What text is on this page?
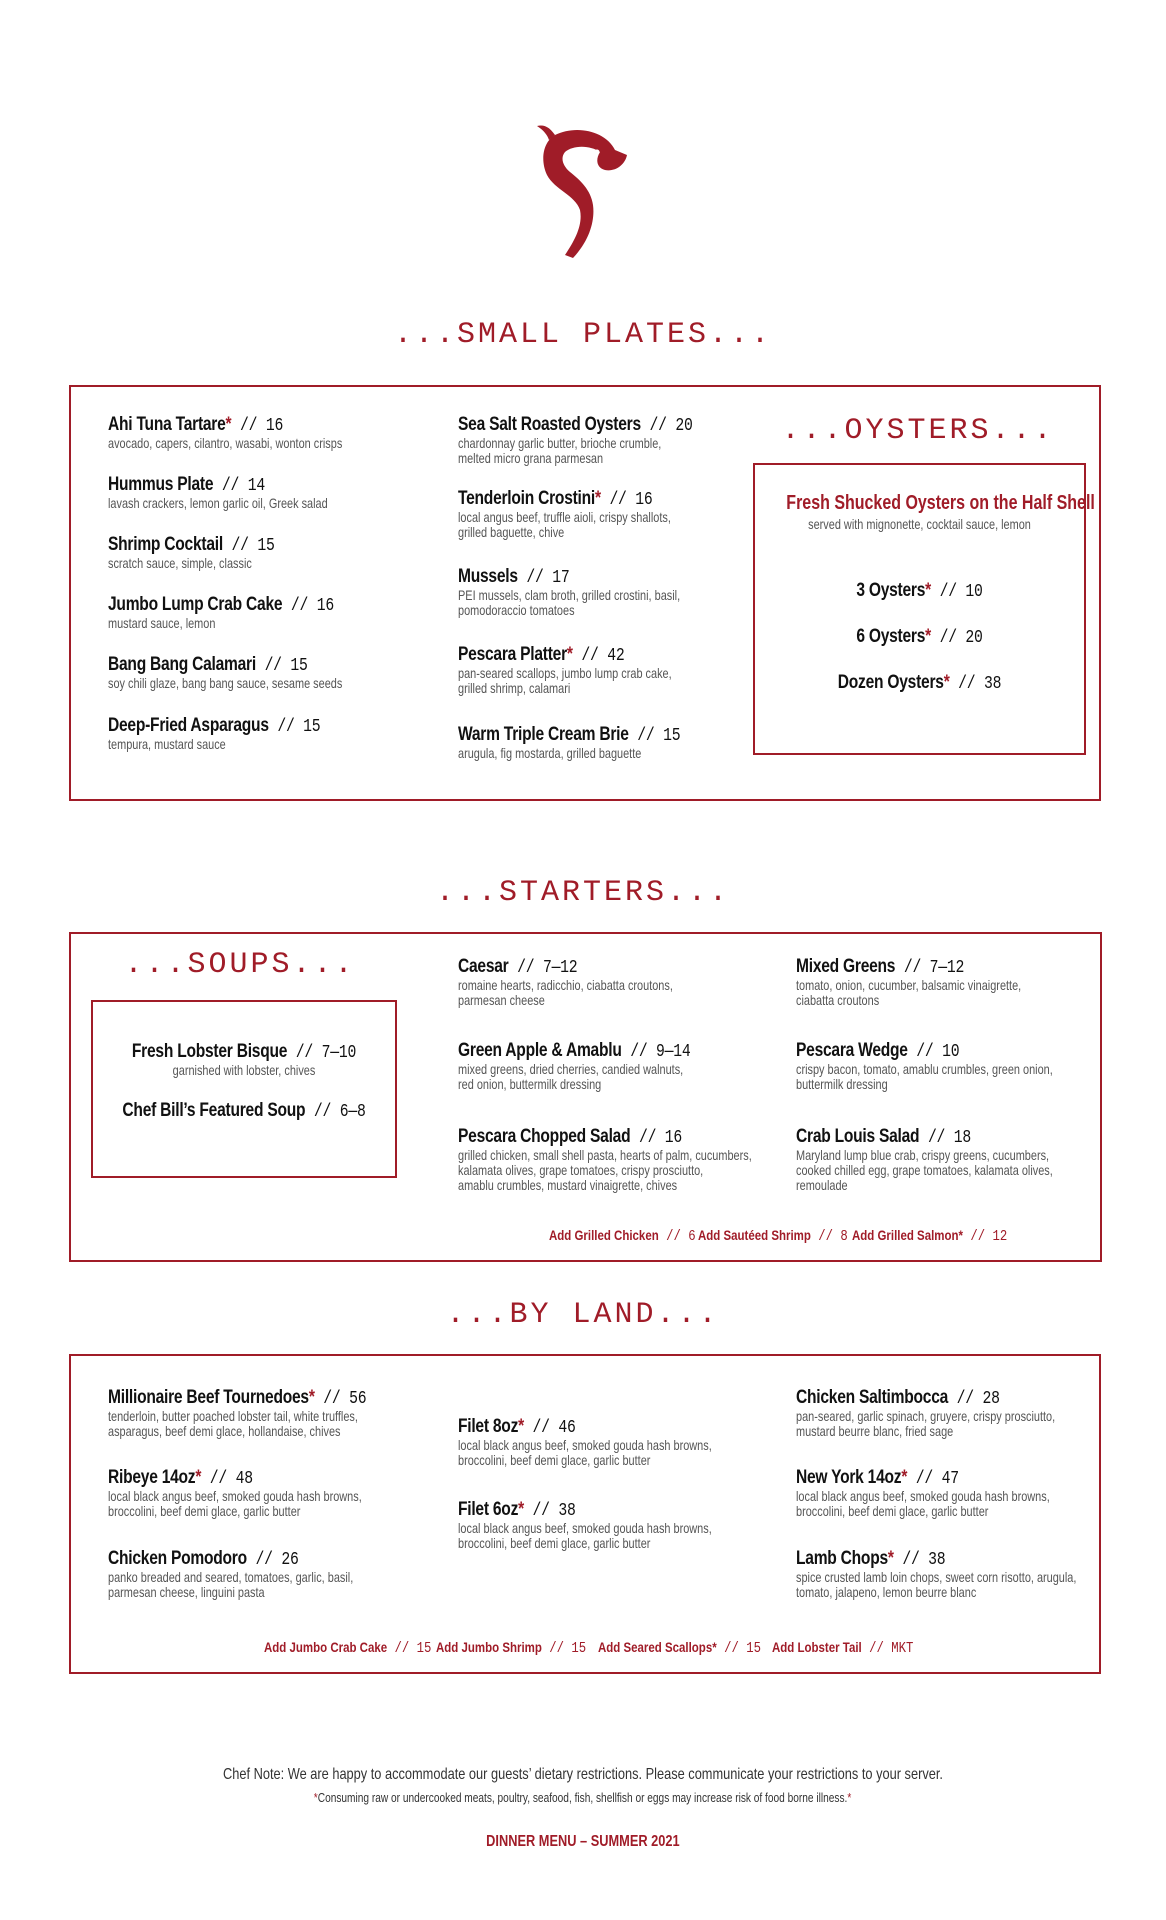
...SMALL PLATES...
Ahi Tuna Tartare* // 16
avocado, capers, cilantro, wasabi, wonton crisps
Hummus Plate // 14
lavash crackers, lemon garlic oil, Greek salad
Shrimp Cocktail // 15
scratch sauce, simple, classic
Jumbo Lump Crab Cake // 16
mustard sauce, lemon
Bang Bang Calamari // 15
soy chili glaze, bang bang sauce, sesame seeds
Deep-Fried Asparagus // 15
tempura, mustard sauce
Sea Salt Roasted Oysters // 20
chardonnay garlic butter, brioche crumble,
melted micro grana parmesan
Tenderloin Crostini* // 16
local angus beef, truffle aioli, crispy shallots,
grilled baguette, chive
Mussels // 17
PEI mussels, clam broth, grilled crostini, basil,
pomodoraccio tomatoes
Pescara Platter* // 42
pan-seared scallops, jumbo lump crab cake,
grilled shrimp, calamari
Warm Triple Cream Brie // 15
arugula, fig mostarda, grilled baguette
...OYSTERS...
Fresh Shucked Oysters on the Half Shell
served with mignonette, cocktail sauce, lemon
3 Oysters* // 10
6 Oysters* // 20
Dozen Oysters* // 38
...STARTERS...
...SOUPS...
Fresh Lobster Bisque // 7—10
garnished with lobster, chives
Chef Bill’s Featured Soup // 6—8
Caesar // 7—12
romaine hearts, radicchio, ciabatta croutons,
parmesan cheese
Green Apple & Amablu // 9—14
mixed greens, dried cherries, candied walnuts,
red onion, buttermilk dressing
Pescara Chopped Salad // 16
grilled chicken, small shell pasta, hearts of palm, cucumbers,
kalamata olives, grape tomatoes, crispy prosciutto,
amablu crumbles, mustard vinaigrette, chives
Mixed Greens // 7—12
tomato, onion, cucumber, balsamic vinaigrette,
ciabatta croutons
Pescara Wedge // 10
crispy bacon, tomato, amablu crumbles, green onion,
buttermilk dressing
Crab Louis Salad // 18
Maryland lump blue crab, crispy greens, cucumbers,
cooked chilled egg, grape tomatoes, kalamata olives,
remoulade
Add Grilled Chicken // 6 Add Sautéed Shrimp // 8 Add Grilled Salmon* // 12
...BY LAND...
Millionaire Beef Tournedoes* // 56
tenderloin, butter poached lobster tail, white truffles,
asparagus, beef demi glace, hollandaise, chives
Ribeye 14oz* // 48
local black angus beef, smoked gouda hash browns,
broccolini, beef demi glace, garlic butter
Chicken Pomodoro // 26
panko breaded and seared, tomatoes, garlic, basil,
parmesan cheese, linguini pasta
Filet 8oz* // 46
local black angus beef, smoked gouda hash browns,
broccolini, beef demi glace, garlic butter
Filet 6oz* // 38
local black angus beef, smoked gouda hash browns,
broccolini, beef demi glace, garlic butter
Chicken Saltimbocca // 28
pan-seared, garlic spinach, gruyere, crispy prosciutto,
mustard beurre blanc, fried sage
New York 14oz* // 47
local black angus beef, smoked gouda hash browns,
broccolini, beef demi glace, garlic butter
Lamb Chops* // 38
spice crusted lamb loin chops, sweet corn risotto, arugula,
tomato, jalapeno, lemon beurre blanc
Add Jumbo Crab Cake // 15 Add Jumbo Shrimp // 15 Add Seared Scallops* // 15 Add Lobster Tail // MKT
Chef Note: We are happy to accommodate our guests’ dietary restrictions. Please communicate your restrictions to your server.
*Consuming raw or undercooked meats, poultry, seafood, fish, shellfish or eggs may increase risk of food borne illness.*
DINNER MENU – SUMMER 2021
